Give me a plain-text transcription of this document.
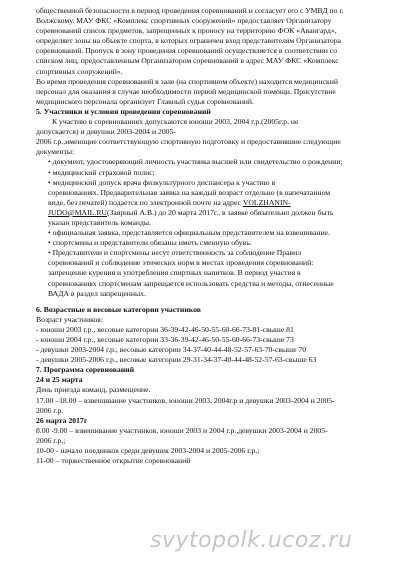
общественной безопасности в период проведения соревнований и согласует его с УМВД по г.

Волжскому. МАУ ФКС «Комплекс спортивных сооружений» предоставляет Организатору

соревнований список предметов, запрещенных к проносу на территорию ФОК «Авангард»,

определяет зоны на объекте спорта, в которых ограничен вход представителям Организатора

соревнований. Пропуск в зону проведения соревнований осуществляется в соответствии со

списком лиц, предоставленным Организатором соревнований в адрес МАУ ФКС «Комплекс

спортивных сооружений».

Во время проведения соревнований в зале (на спортивном объекте) находится медицинский

персонал для оказания в случае необходимости первой медицинской помощи. Присутствие

медицинского персонала организует Главный судья соревнований.

5. Участники и условия проведения соревнований

К участию в соревнованиях допускаются юноши 2003, 2004 г.р.(2005г.р. не

допускается) и девушки 2003-2004 и 2005-

2006 г.р.,имеющие соответствующую спортивную подготовку и предоставившие следующие

документы:

• документ, удостоверяющий личность участника высшей или свидетельство о рождении;

• медицинский страховой полис;

• медицинский допуск врача физкультурного диспансера к участию в

соревнованиях. Предварительная заявка на каждый возраст отдельно (в напечатанном

виде, без печатей) подается по электронной почте на адрес VOLZHANIN-

JUDO@MAIL.RU(Заярный А.В.) до 20 марта 2017г., в заявке обязательно должен быть

указан представитель команды.

• официальная заявка, представляется официальным представителем на взвешивание.

• спортсмены и представители обязаны иметь сменную обувь.

• Представители и спортсмены несут ответственность за соблюдение Правил

соревнований и соблюдение этических норм в местах проведения соревнований:

запрещение курения и употребления спиртных напитков. В период участия в

соревнованиях спортсменам запрещается использовать средства и методы, отнесенные

ВАДА в раздел запрещенных.

6. Возрастные и весовые категории участников

Возраст участников:

- юноши 2003 г.р., весовые категории 36-39-42-46-50-55-60-66-73-81-свыше 81

- юноши 2004 г.р., весовые категории 33-36-39-42-46-50-55-60-66-73-свыше 73

- девушки 2003-2004 г.р., весовые категории 34-37-40-44-48-52-57-63-70-свыше 70

- девушки 2005-2006 г.р., весовые категории 29-31-34-37-40-44-48-52-57-63-свыше 63

7. Программа соревнований

24 и 25 марта

День приезда команд, размещение.

17.00 –18.00 – взвешивание участников, юноши 2003, 2004г.р и девушки 2003-2004 и 2005-

2006 г.р.

26 марта 2017г

8.00 -9.00 – взвешивание участников, юноши 2003 и 2004 г.р.,девушки 2003-2004 и 2005-

2006 г.р.;

10-00 - начало поединков среди девушек 2003-2004 и 2005-2006 г.р.;

11-00 – торжественное открытие соревнований

svytopolk.ucoz.ru
